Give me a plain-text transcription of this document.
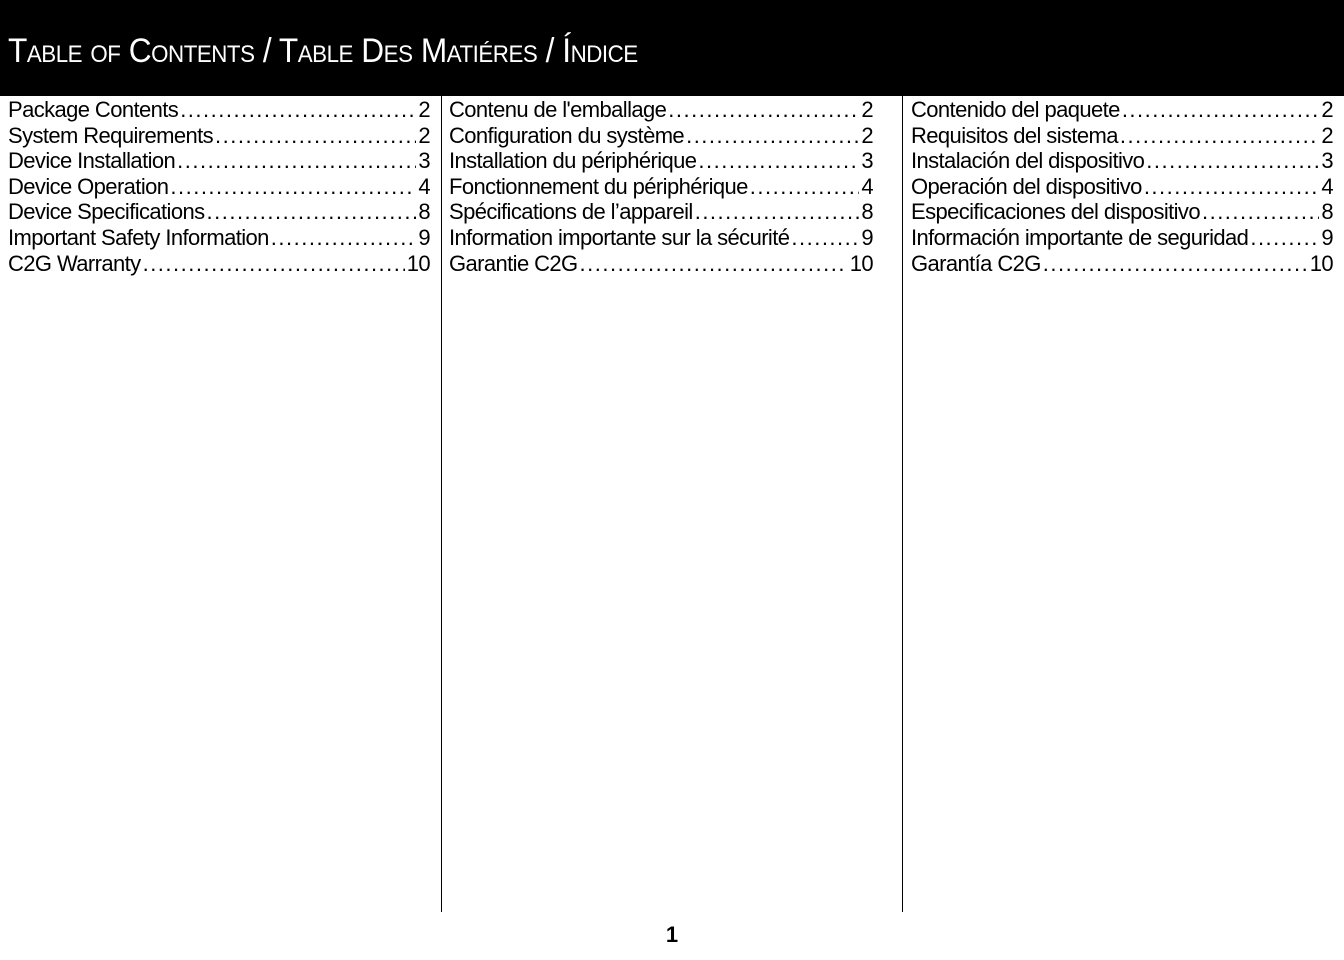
Table of Contents / Table Des Matiéres / Índice
Package Contents .....	2
System Requirements .....	2
Device Installation .....	3
Device Operation .....	4
Device Specifications .....	8
Important Safety Information .....	9
C2G Warranty .....	10
Contenu de l'emballage .....	2
Configuration du système .....	2
Installation du périphérique .....	3
Fonctionnement du périphérique .....	4
Spécifications de l’appareil .....	8
Information importante sur la sécurité .....	9
Garantie C2G .....	10
Contenido del paquete .....	2
Requisitos del sistema .....	2
Instalación del dispositivo .....	3
Operación del dispositivo .....	4
Especificaciones del dispositivo .....	8
Información importante de seguridad .....	9
Garantía C2G .....	10
1
